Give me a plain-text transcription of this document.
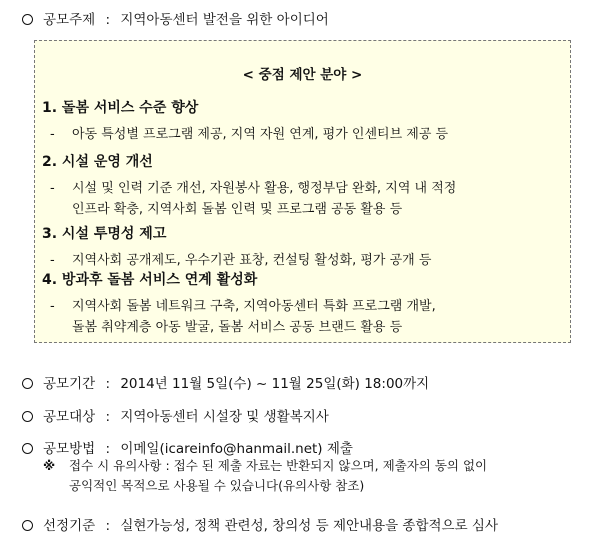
공모주제 : 지역아동센터 발전을 위한 아이디어
< 중점 제안 분야 >
1. 돌봄 서비스 수준 향상
- 아동 특성별 프로그램 제공, 지역 자원 연계, 평가 인센티브 제공 등
2. 시설 운영 개선
- 시설 및 인력 기준 개선, 자원봉사 활용, 행정부담 완화, 지역 내 적정
인프라 확충, 지역사회 돌봄 인력 및 프로그램 공동 활용 등
3. 시설 투명성 제고
- 지역사회 공개제도, 우수기관 표창, 컨설팅 활성화, 평가 공개 등
4. 방과후 돌봄 서비스 연계 활성화
- 지역사회 돌봄 네트워크 구축, 지역아동센터 특화 프로그램 개발,
돌봄 취약계층 아동 발굴, 돌봄 서비스 공동 브랜드 활용 등
공모기간 : 2014년 11월 5일(수) ~ 11월 25일(화) 18:00까지
공모대상 : 지역아동센터 시설장 및 생활복지사
공모방법 : 이메일(icareinfo@hanmail.net) 제출
※ 접수 시 유의사항 : 접수 된 제출 자료는 반환되지 않으며, 제출자의 동의 없이
공익적인 목적으로 사용될 수 있습니다(유의사항 참조)
선정기준 : 실현가능성, 정책 관련성, 창의성 등 제안내용을 종합적으로 심사
